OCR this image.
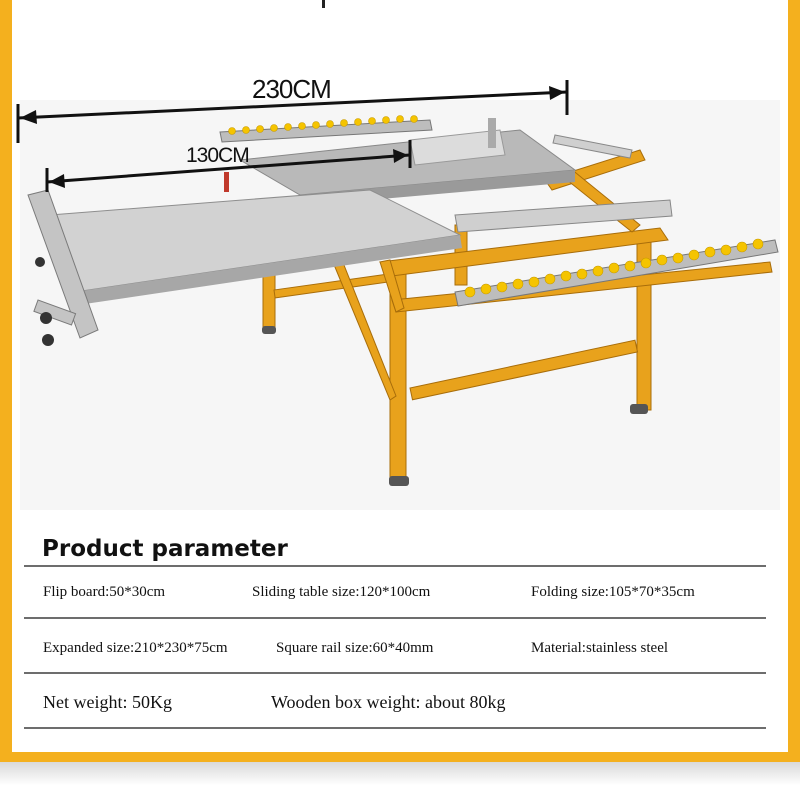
230CM
130CM
Product parameter
Flip board:50*30cm	Sliding table size:120*100cm	Folding size:105*70*35cm
Expanded size:210*230*75cm	Square rail size:60*40mm	Material:stainless steel
Net weight: 50Kg	Wooden box weight: about 80kg
